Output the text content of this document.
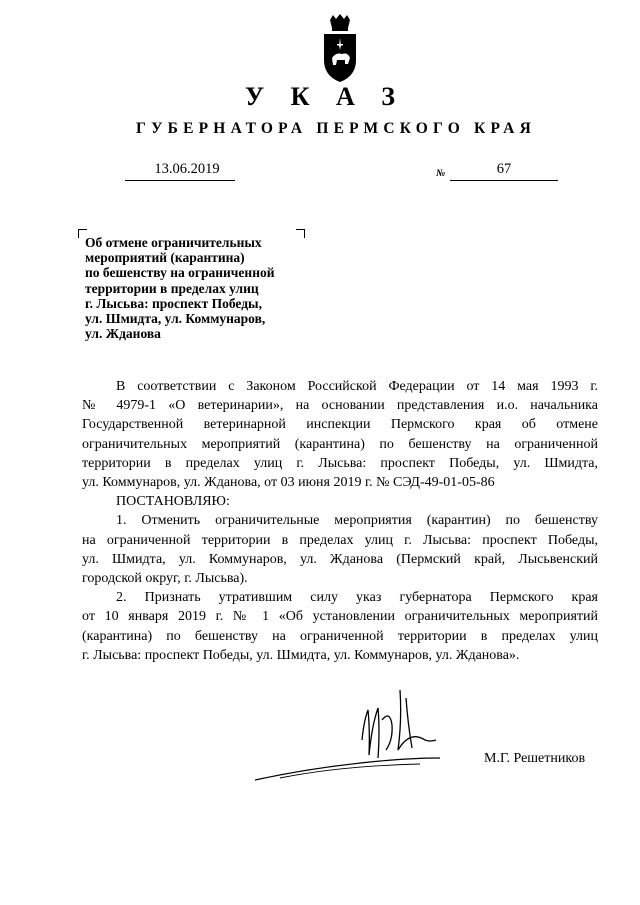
У К А З
ГУБЕРНАТОРА ПЕРМСКОГО КРАЯ
13.06.2019	№	67
Об отмене ограничительных
мероприятий (карантина)
по бешенству на ограниченной
территории в пределах улиц
г. Лысьва: проспект Победы,
ул. Шмидта, ул. Коммунаров,
ул. Жданова
В соответствии с Законом Российской Федерации от 14 мая 1993 г.
№ 4979-1 «О ветеринарии», на основании представления и.о. начальника
Государственной ветеринарной инспекции Пермского края об отмене
ограничительных мероприятий (карантина) по бешенству на ограниченной
территории в пределах улиц г. Лысьва: проспект Победы, ул. Шмидта,
ул. Коммунаров, ул. Жданова, от 03 июня 2019 г. № СЭД-49-01-05-86
ПОСТАНОВЛЯЮ:
1. Отменить ограничительные мероприятия (карантин) по бешенству
на ограниченной территории в пределах улиц г. Лысьва: проспект Победы,
ул. Шмидта, ул. Коммунаров, ул. Жданова (Пермский край, Лысьвенский
городской округ, г. Лысьва).
2. Признать утратившим силу указ губернатора Пермского края
от 10 января 2019 г. № 1 «Об установлении ограничительных мероприятий
(карантина) по бешенству на ограниченной территории в пределах улиц
г. Лысьва: проспект Победы, ул. Шмидта, ул. Коммунаров, ул. Жданова».
М.Г. Решетников
